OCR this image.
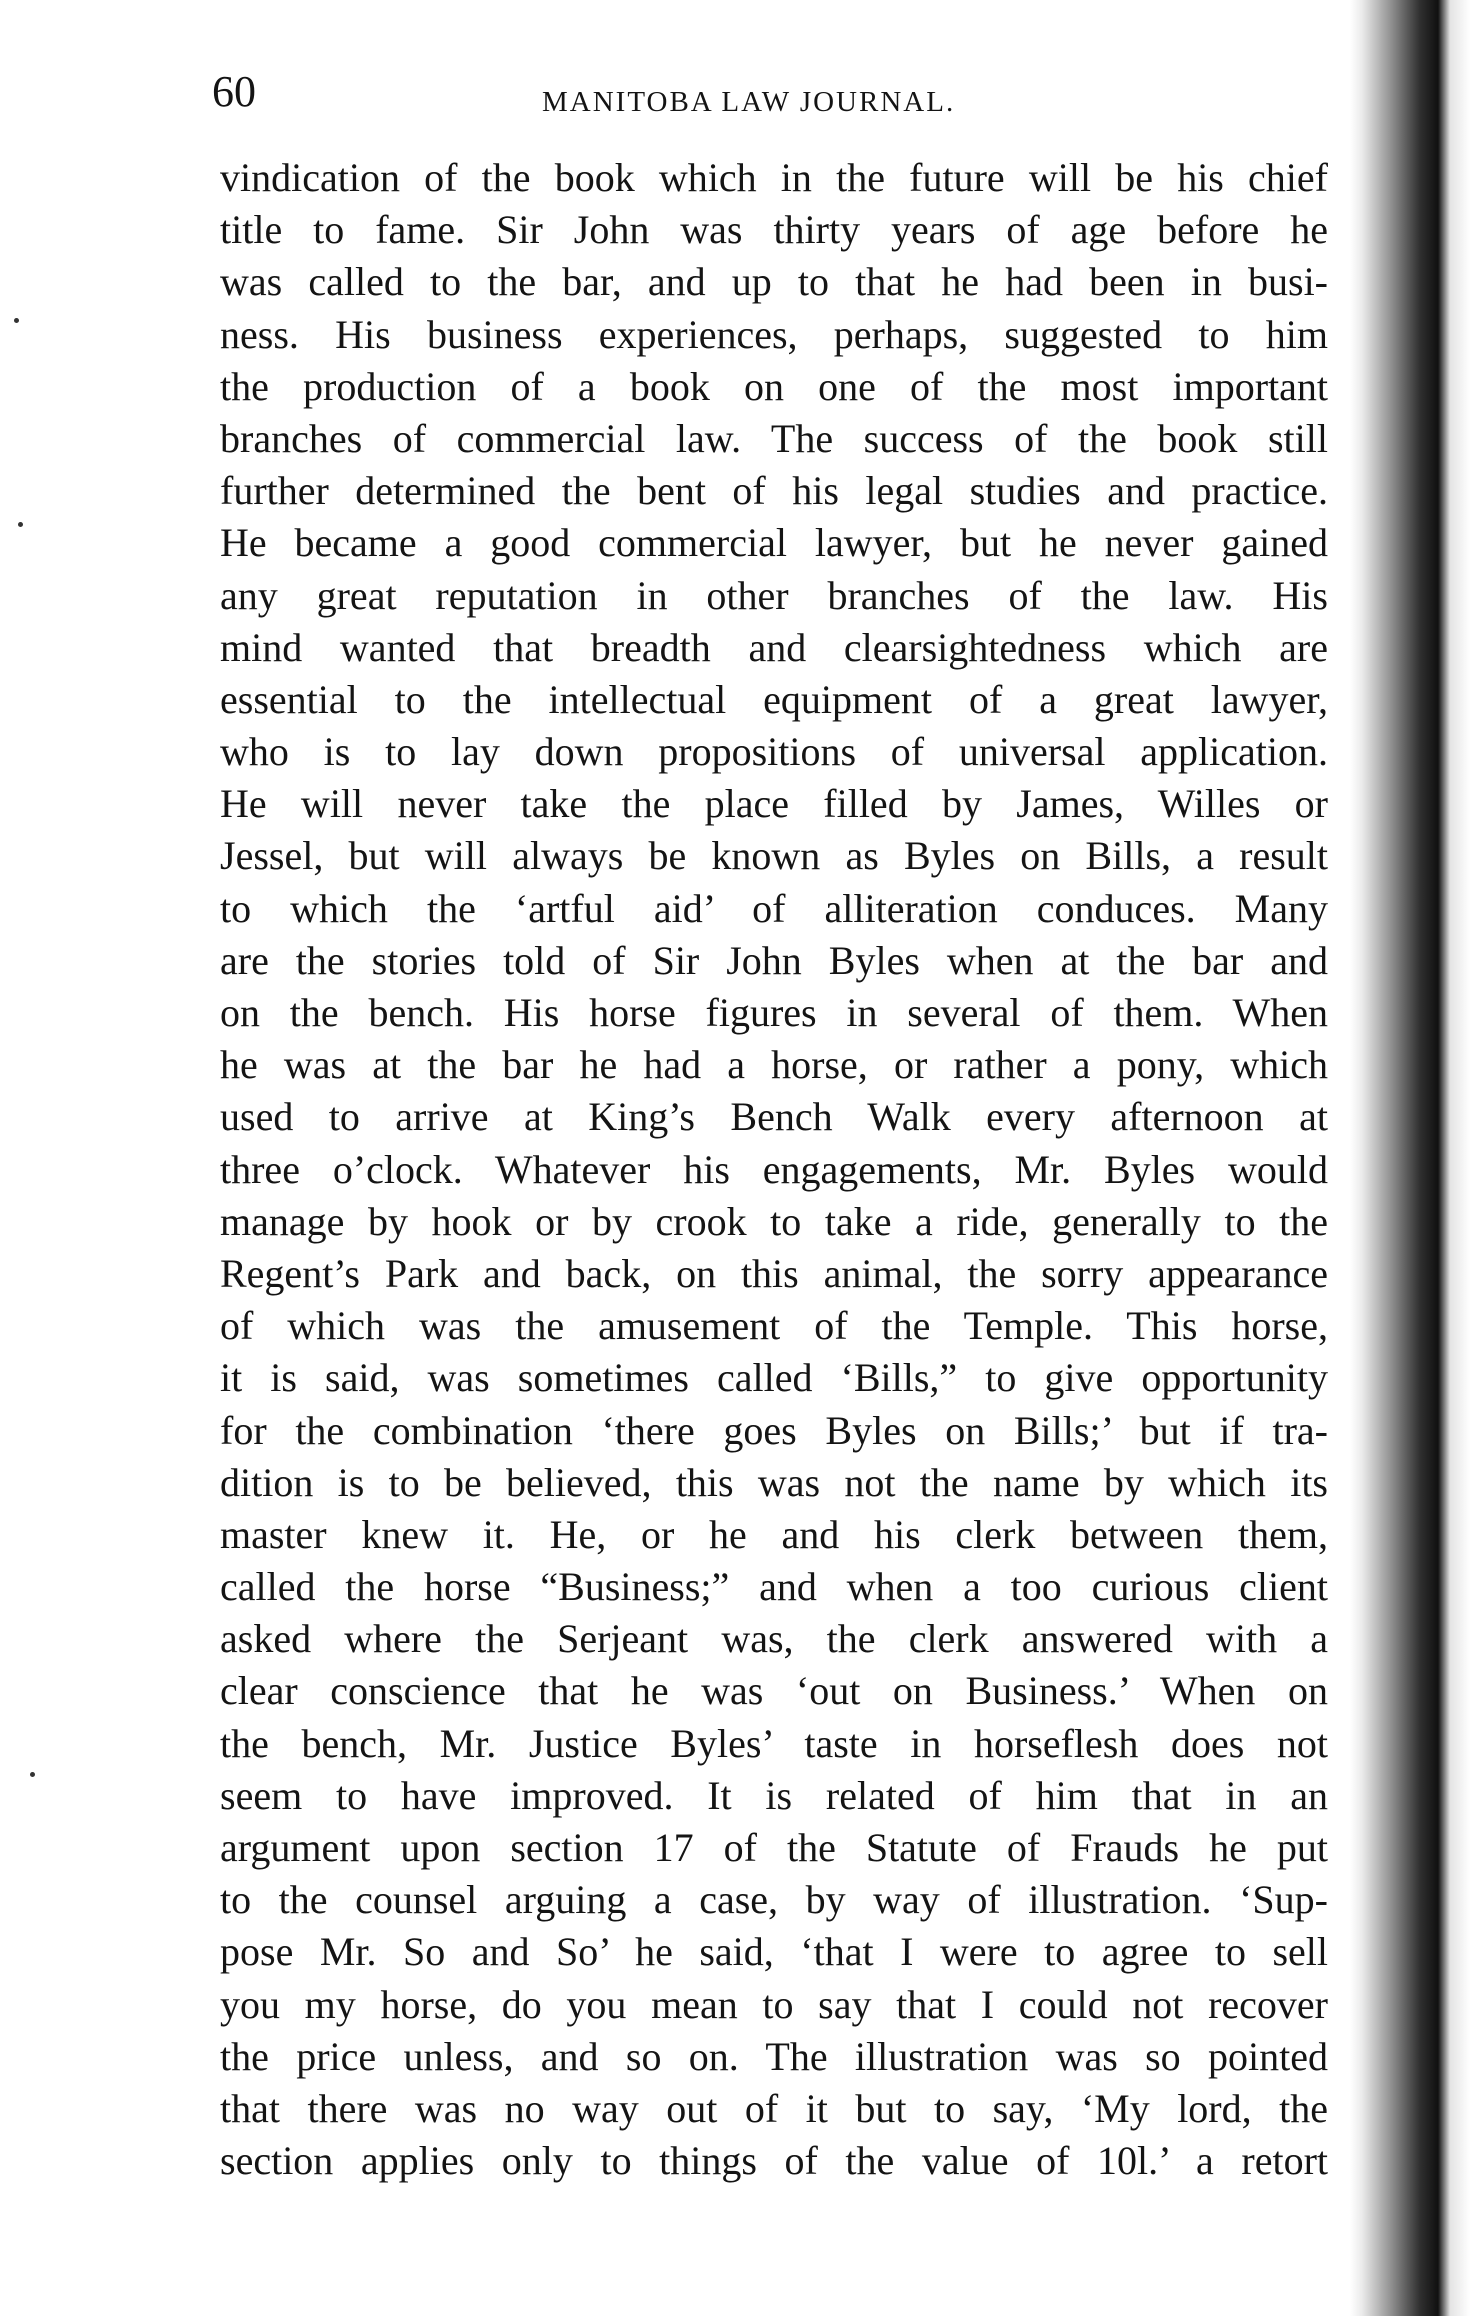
60	MANITOBA LAW JOURNAL.
vindication of the book which in the future will be his chief
title to fame. Sir John was thirty years of age before he
was called to the bar, and up to that he had been in busi-
ness. His business experiences, perhaps, suggested to him
the production of a book on one of the most important
branches of commercial law. The success of the book still
further determined the bent of his legal studies and practice.
He became a good commercial lawyer, but he never gained
any great reputation in other branches of the law. His
mind wanted that breadth and clearsightedness which are
essential to the intellectual equipment of a great lawyer,
who is to lay down propositions of universal application.
He will never take the place filled by James, Willes or
Jessel, but will always be known as Byles on Bills, a result
to which the ‘artful aid’ of alliteration conduces. Many
are the stories told of Sir John Byles when at the bar and
on the bench. His horse figures in several of them. When
he was at the bar he had a horse, or rather a pony, which
used to arrive at King’s Bench Walk every afternoon at
three o’clock. Whatever his engagements, Mr. Byles would
manage by hook or by crook to take a ride, generally to the
Regent’s Park and back, on this animal, the sorry appearance
of which was the amusement of the Temple. This horse,
it is said, was sometimes called ‘Bills,” to give opportunity
for the combination ‘there goes Byles on Bills;’ but if tra-
dition is to be believed, this was not the name by which its
master knew it. He, or he and his clerk between them,
called the horse “Business;” and when a too curious client
asked where the Serjeant was, the clerk answered with a
clear conscience that he was ‘out on Business.’ When on
the bench, Mr. Justice Byles’ taste in horseflesh does not
seem to have improved. It is related of him that in an
argument upon section 17 of the Statute of Frauds he put
to the counsel arguing a case, by way of illustration. ‘Sup-
pose Mr. So and So’ he said, ‘that I were to agree to sell
you my horse, do you mean to say that I could not recover
the price unless, and so on. The illustration was so pointed
that there was no way out of it but to say, ‘My lord, the
section applies only to things of the value of 10l.’ a retort
